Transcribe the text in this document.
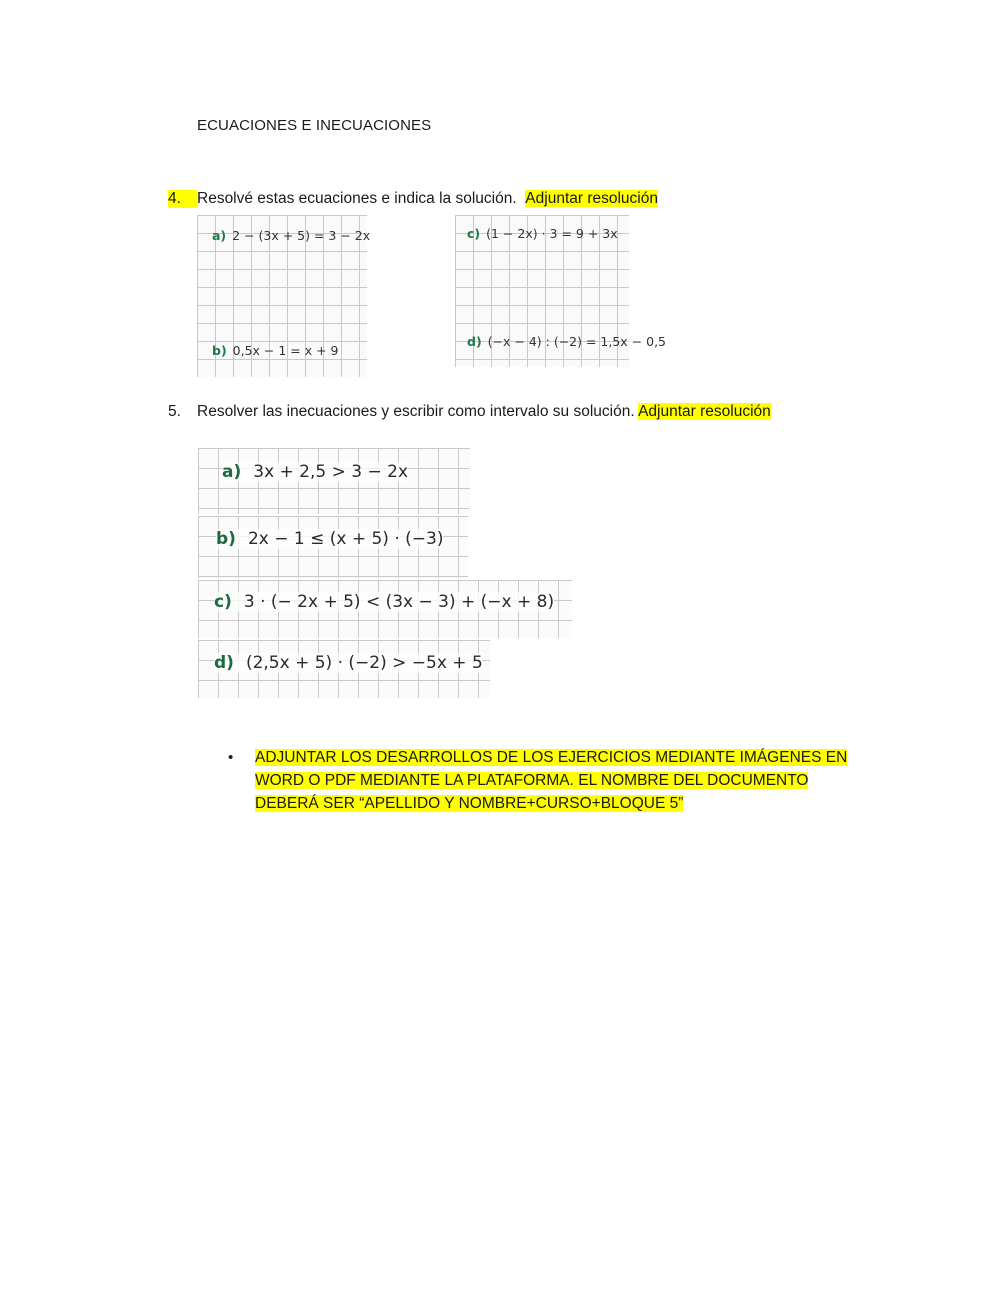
ECUACIONES E INECUACIONES
4. Resolvé estas ecuaciones e indica la solución. Adjuntar resolución
a) 2 − (3x + 5) = 3 − 2x
b) 0,5x − 1 = x + 9
c) (1 − 2x) · 3 = 9 + 3x
d) (−x − 4) : (−2) = 1,5x − 0,5
5. Resolver las inecuaciones y escribir como intervalo su solución. Adjuntar resolución
a) 3x + 2,5 > 3 − 2x
b) 2x − 1 ≤ (x + 5) · (−3)
c) 3 · (− 2x + 5) < (3x − 3) + (−x + 8)
d) (2,5x + 5) · (−2) > −5x + 5
• ADJUNTAR LOS DESARROLLOS DE LOS EJERCICIOS MEDIANTE IMÁGENES EN WORD O PDF MEDIANTE LA PLATAFORMA. EL NOMBRE DEL DOCUMENTO DEBERÁ SER “APELLIDO Y NOMBRE+CURSO+BLOQUE 5”
